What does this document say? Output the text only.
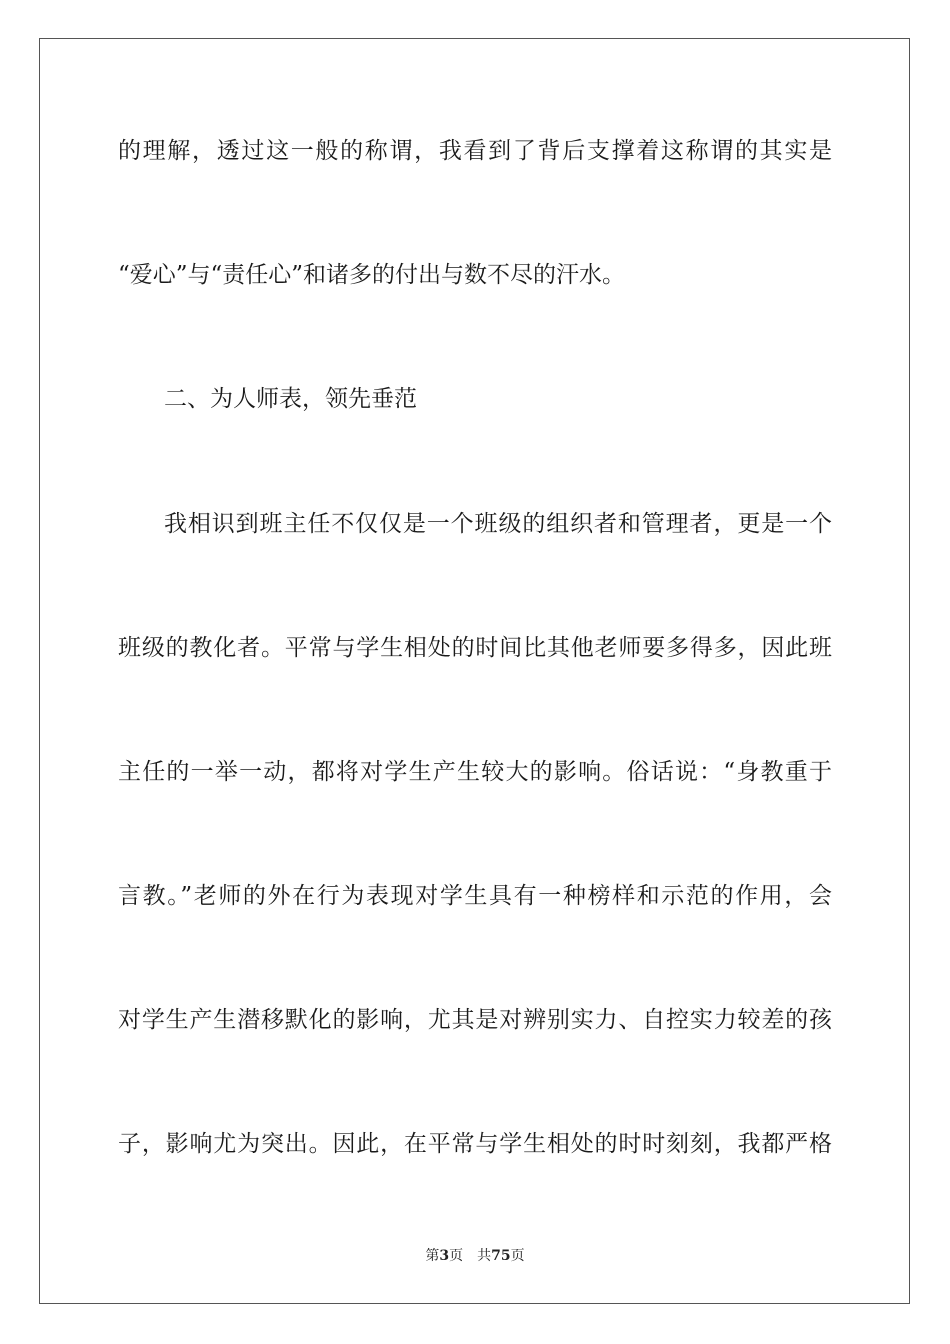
的理解，透过这一般的称谓，我看到了背后支撑着这称谓的其实是

“爱心”与“责任心”和诸多的付出与数不尽的汗水。

二、为人师表，领先垂范

我相识到班主任不仅仅是一个班级的组织者和管理者，更是一个

班级的教化者。平常与学生相处的时间比其他老师要多得多，因此班

主任的一举一动，都将对学生产生较大的影响。俗话说：“身教重于

言教。”老师的外在行为表现对学生具有一种榜样和示范的作用，会

对学生产生潜移默化的影响，尤其是对辨别实力、自控实力较差的孩

子，影响尤为突出。因此，在平常与学生相处的时时刻刻，我都严格

第3页 共75页
